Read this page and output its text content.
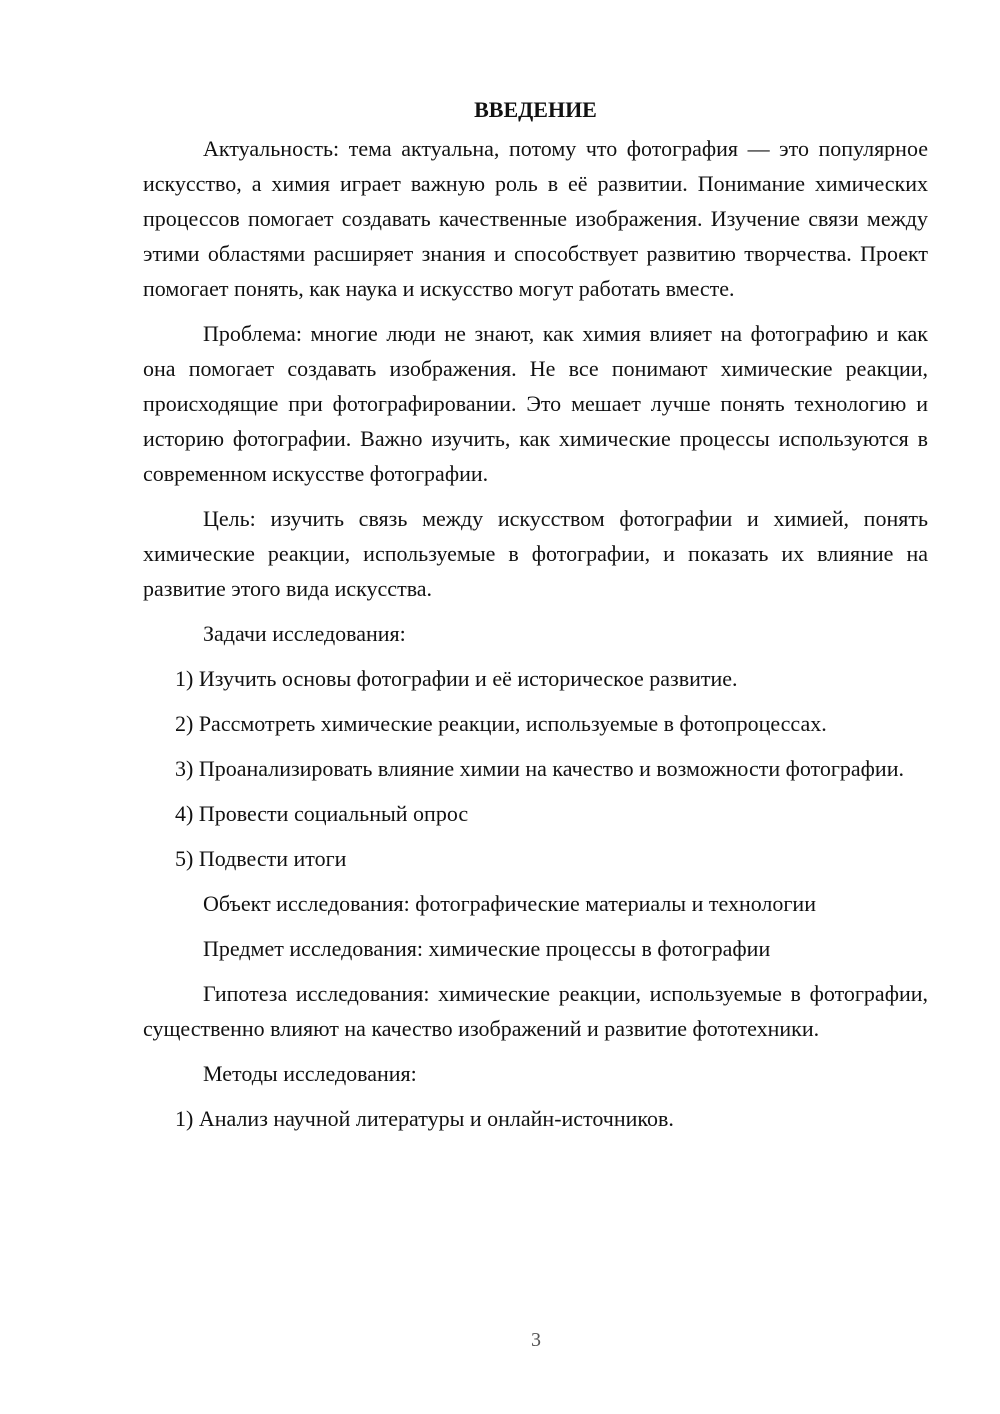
ВВЕДЕНИЕ

Актуальность: тема актуальна, потому что фотография — это популярное искусство, а химия играет важную роль в её развитии. Понимание химических процессов помогает создавать качественные изображения. Изучение связи между этими областями расширяет знания и способствует развитию творчества. Проект помогает понять, как наука и искусство могут работать вместе.

Проблема: многие люди не знают, как химия влияет на фотографию и как она помогает создавать изображения. Не все понимают химические реакции, происходящие при фотографировании. Это мешает лучше понять технологию и историю фотографии. Важно изучить, как химические процессы используются в современном искусстве фотографии.

Цель: изучить связь между искусством фотографии и химией, понять химические реакции, используемые в фотографии, и показать их влияние на развитие этого вида искусства.

Задачи исследования:

1) Изучить основы фотографии и её историческое развитие.

2) Рассмотреть химические реакции, используемые в фотопроцессах.

3) Проанализировать влияние химии на качество и возможности фотографии.

4) Провести социальный опрос

5) Подвести итоги

Объект исследования: фотографические материалы и технологии

Предмет исследования: химические процессы в фотографии

Гипотеза исследования: химические реакции, используемые в фотографии, существенно влияют на качество изображений и развитие фототехники.

Методы исследования:

1) Анализ научной литературы и онлайн-источников.

3
